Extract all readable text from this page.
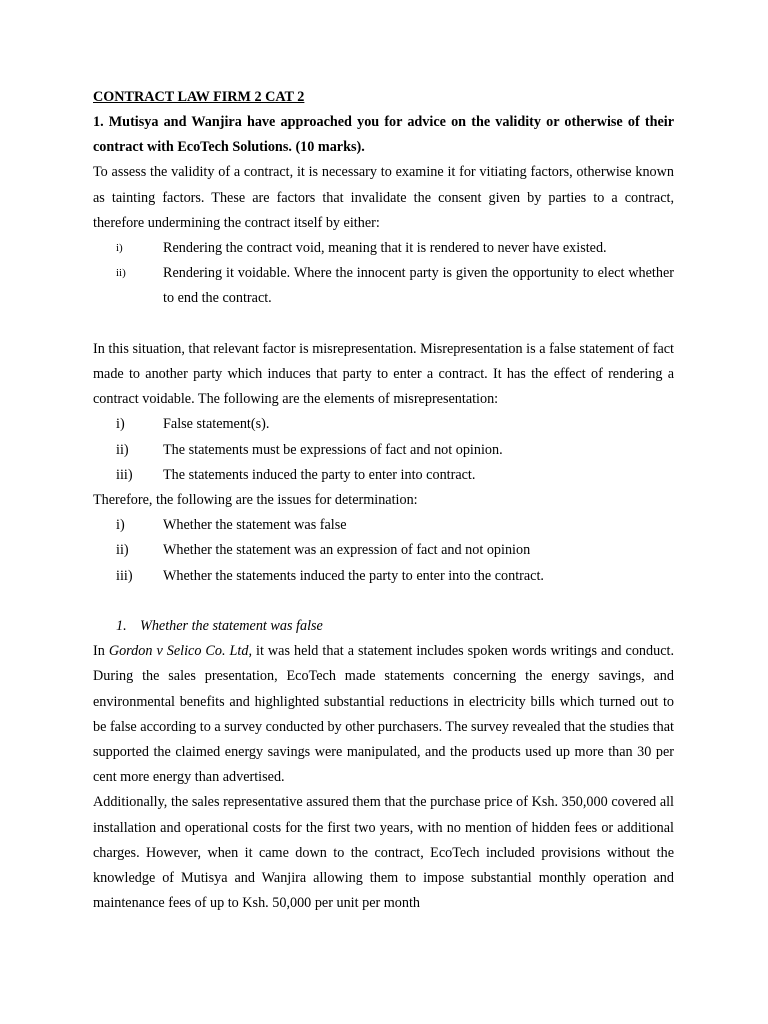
CONTRACT LAW FIRM 2 CAT 2

1. Mutisya and Wanjira have approached you for advice on the validity or otherwise of their contract with EcoTech Solutions. (10 marks).

To assess the validity of a contract, it is necessary to examine it for vitiating factors, otherwise known as tainting factors. These are factors that invalidate the consent given by parties to a contract, therefore undermining the contract itself by either:

i)	Rendering the contract void, meaning that it is rendered to never have existed.
ii)	Rendering it voidable. Where the innocent party is given the opportunity to elect whether to end the contract.

In this situation, that relevant factor is misrepresentation. Misrepresentation is a false statement of fact made to another party which induces that party to enter a contract. It has the effect of rendering a contract voidable. The following are the elements of misrepresentation:

i)	False statement(s).
ii)	The statements must be expressions of fact and not opinion.
iii)	The statements induced the party to enter into contract.

Therefore, the following are the issues for determination:

i)	Whether the statement was false
ii)	Whether the statement was an expression of fact and not opinion
iii)	Whether the statements induced the party to enter into the contract.
1. Whether the statement was false

In Gordon v Selico Co. Ltd, it was held that a statement includes spoken words writings and conduct. During the sales presentation, EcoTech made statements concerning the energy savings, and environmental benefits and highlighted substantial reductions in electricity bills which turned out to be false according to a survey conducted by other purchasers. The survey revealed that the studies that supported the claimed energy savings were manipulated, and the products used up more than 30 per cent more energy than advertised.

Additionally, the sales representative assured them that the purchase price of Ksh. 350,000 covered all installation and operational costs for the first two years, with no mention of hidden fees or additional charges. However, when it came down to the contract, EcoTech included provisions without the knowledge of Mutisya and Wanjira allowing them to impose substantial monthly operation and maintenance fees of up to Ksh. 50,000 per unit per month
